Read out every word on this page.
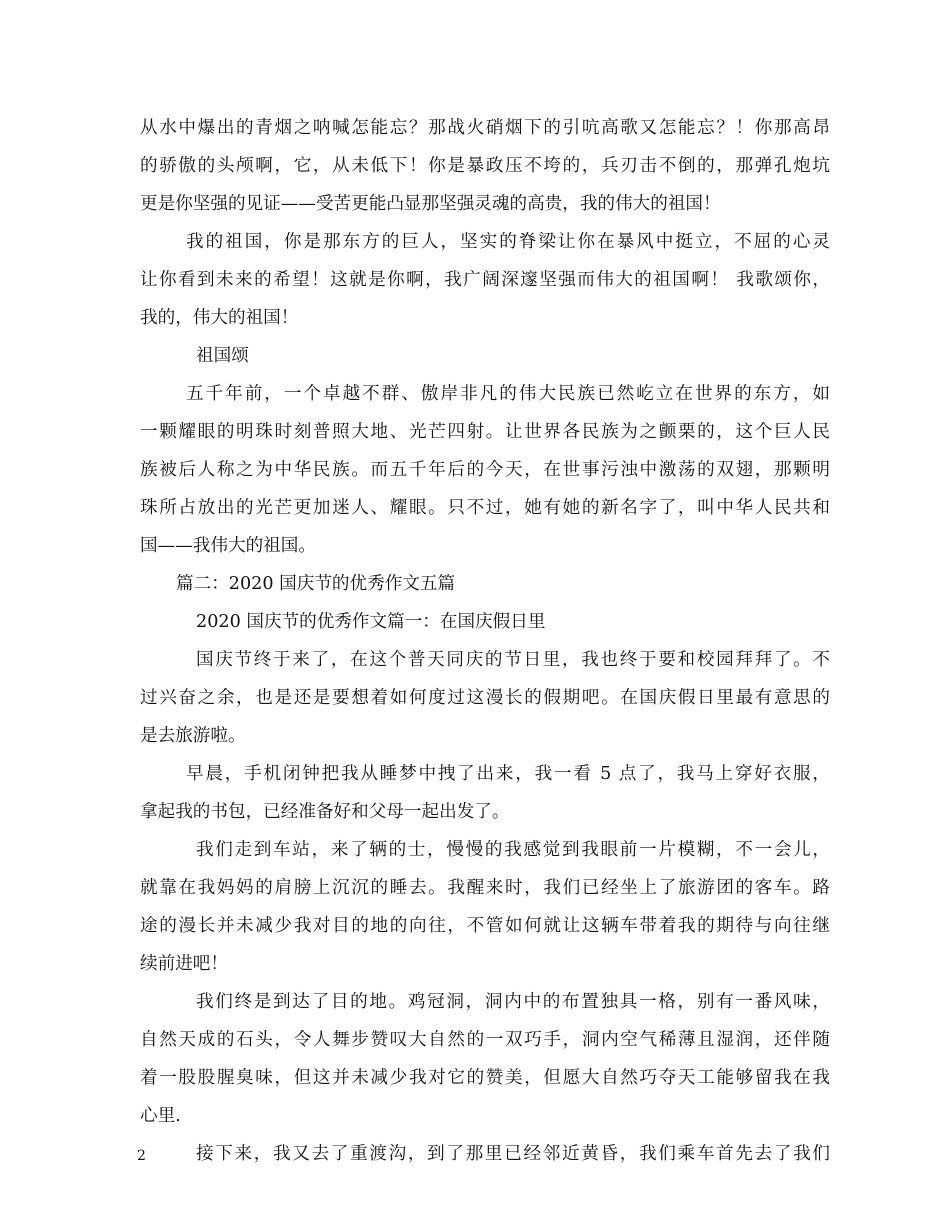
从水中爆出的青烟之呐喊怎能忘？那战火硝烟下的引吭高歌又怎能忘？！你那高昂
的骄傲的头颅啊，它，从未低下！你是暴政压不垮的，兵刃击不倒的，那弹孔炮坑
更是你坚强的见证——受苦更能凸显那坚强灵魂的高贵，我的伟大的祖国！
我的祖国，你是那东方的巨人，坚实的脊梁让你在暴风中挺立，不屈的心灵
让你看到未来的希望！这就是你啊，我广阔深邃坚强而伟大的祖国啊！ 我歌颂你，
我的，伟大的祖国！
祖国颂
五千年前，一个卓越不群、傲岸非凡的伟大民族已然屹立在世界的东方，如
一颗耀眼的明珠时刻普照大地、光芒四射。让世界各民族为之颤栗的，这个巨人民
族被后人称之为中华民族。而五千年后的今天，在世事污浊中激荡的双翅，那颗明
珠所占放出的光芒更加迷人、耀眼。只不过，她有她的新名字了，叫中华人民共和
国——我伟大的祖国。
篇二：2020 国庆节的优秀作文五篇
2020 国庆节的优秀作文篇一：在国庆假日里
国庆节终于来了，在这个普天同庆的节日里，我也终于要和校园拜拜了。不
过兴奋之余，也是还是要想着如何度过这漫长的假期吧。在国庆假日里最有意思的
是去旅游啦。
早晨，手机闭钟把我从睡梦中拽了出来，我一看 5 点了，我马上穿好衣服，
拿起我的书包，已经准备好和父母一起出发了。
我们走到车站，来了辆的士，慢慢的我感觉到我眼前一片模糊，不一会儿，
就靠在我妈妈的肩膀上沉沉的睡去。我醒来时，我们已经坐上了旅游团的客车。路
途的漫长并未减少我对目的地的向往，不管如何就让这辆车带着我的期待与向往继
续前进吧！
我们终是到达了目的地。鸡冠洞，洞内中的布置独具一格，别有一番风味，
自然天成的石头，令人舞步赞叹大自然的一双巧手，洞内空气稀薄且湿润，还伴随
着一股股腥臭味，但这并未减少我对它的赞美，但愿大自然巧夺天工能够留我在我
心里.
接下来，我又去了重渡沟，到了那里已经邻近黄昏，我们乘车首先去了我们
2
